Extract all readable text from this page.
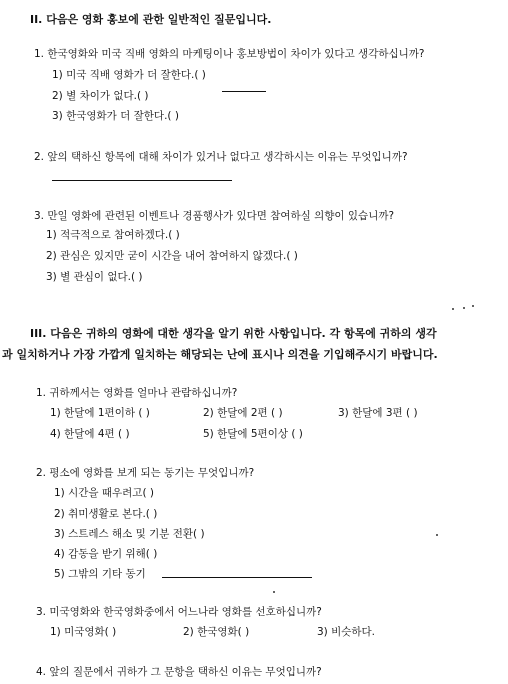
II. 다음은 영화 홍보에 관한 일반적인 질문입니다.
1. 한국영화와 미국 직배 영화의 마케팅이나 홍보방법이 차이가 있다고 생각하십니까?
1) 미국 직배 영화가 더 잘한다.( )
2) 별 차이가 없다.( )
3) 한국영화가 더 잘한다.( )
2. 앞의 택하신 항목에 대해 차이가 있거나 없다고 생각하시는 이유는 무엇입니까?
3. 만일 영화에 관련된 이벤트나 경품행사가 있다면 참여하실 의향이 있습니까?
1) 적극적으로 참여하겠다.( )
2) 관심은 있지만 굳이 시간을 내어 참여하지 않겠다.( )
3) 별 관심이 없다.( )
III. 다음은 귀하의 영화에 대한 생각을 알기 위한 사항입니다. 각 항목에 귀하의 생각
과 일치하거나 가장 가깝게 일치하는 해당되는 난에 표시나 의견을 기입해주시기 바랍니다.
1. 귀하께서는 영화를 얼마나 관람하십니까?
1) 한달에 1편이하 ( )	2) 한달에 2편 ( )	3) 한달에 3편 ( )
4) 한달에 4편 ( )	5) 한달에 5편이상 ( )
2. 평소에 영화를 보게 되는 동기는 무엇입니까?
1) 시간을 때우려고( )
2) 취미생활로 본다.( )
3) 스트레스 해소 및 기분 전환( )
4) 감동을 받기 위해( )
5) 그밖의 기타 동기
3. 미국영화와 한국영화중에서 어느나라 영화를 선호하십니까?
1) 미국영화( )	2) 한국영화( )	3) 비슷하다.
4. 앞의 질문에서 귀하가 그 문항을 택하신 이유는 무엇입니까?
